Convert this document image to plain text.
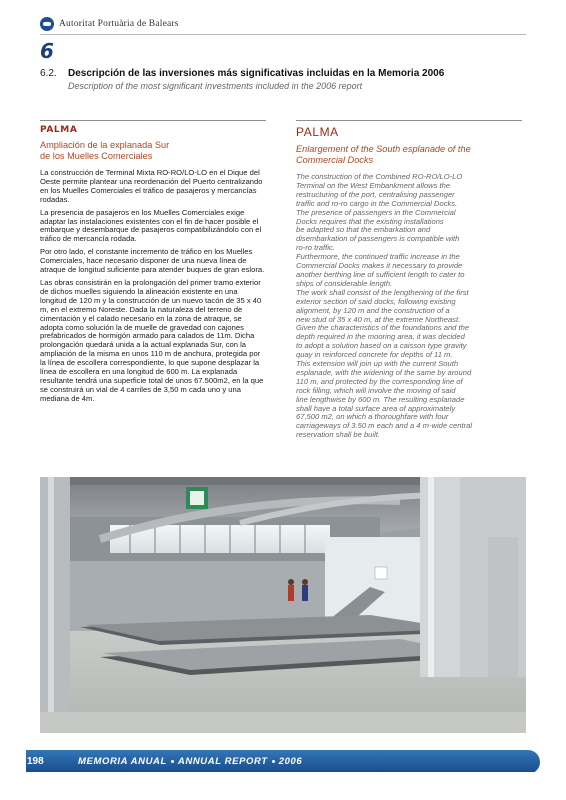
Autoritat Portuària de Balears
6
6.2. Descripción de las inversiones más significativas incluidas en la Memoria 2006
Description of the most significant investments included in the 2006 report
PALMA
Ampliación de la explanada Sur
de los Muelles Comerciales

La construcción de Terminal Mixta RO-RO/LO-LO en el Dique del Oeste permite plantear una reordenación del Puerto centralizando en los Muelles Comerciales el tráfico de pasajeros y mercancías rodadas.

La presencia de pasajeros en los Muelles Comerciales exige adaptar las instalaciones existentes con el fin de hacer posible el embarque y desembarque de pasajeros compatibilizándolo con el tráfico de mercancía rodada.

Por otro lado, el constante incremento de tráfico en los Muelles Comerciales, hace necesario disponer de una nueva línea de atraque de longitud suficiente para atender buques de gran eslora.

Las obras consistirán en la prolongación del primer tramo exterior de dichos muelles siguiendo la alineación existente en una longitud de 120 m y la construcción de un nuevo tacón de 35 x 40 m, en el extremo Noreste. Dada la naturaleza del terreno de cimentación y el calado necesario en la zona de atraque, se adopta como solución la de muelle de gravedad con cajones prefabricados de hormigón armado para calados de 11m. Dicha prolongación quedará unida a la actual explanada Sur, con la ampliación de la misma en unos 110 m de anchura, protegida por la línea de escollera correspondiente, lo que supone desplazar la línea de escollera en una longitud de 600 m. La explanada resultante tendrá una superficie total de unos 67.500m2, en la que se construirá un vial de 4 carriles de 3,50 m cada uno y una mediana de 4m.

PALMA
Enlargement of the South esplanade of the
Commercial Docks

The construction of the Combined RO-RO/LO-LO

Terminal on the West Embankment allows the

restructuring of the port, centralising passenger

traffic and ro-ro cargo in the Commercial Docks.

The presence of passengers in the Commercial

Docks requires that the existing installations

be adapted so that the embarkation and

disembarkation of passengers is compatible with

ro-ro traffic.

Furthermore, the continued traffic increase in the

Commercial Docks makes it necessary to provide

another berthing line of sufficient length to cater to

ships of considerable length.

The work shall consist of the lengthening of the first

exterior section of said docks, following existing

alignment, by 120 m and the construction of a

new stud of 35 x 40 m, at the extreme Northeast.

Given the characteristics of the foundations and the

depth required in the mooring area, it was decided

to adopt a solution based on a caisson type gravity

quay in reinforced concrete for depths of 11 m.

This extension will join up with the current South

esplanade, with the widening of the same by around

110 m, and protected by the corresponding line of

rock filling, which will involve the moving of said

line lengthwise by 600 m. The resulting esplanade

shall have a total surface area of approximately

67,500 m2, on which a thoroughfare with four

carriageways of 3.50 m each and a 4 m-wide central

reservation shall be built.

198	MEMORIA ANUAL ANNUAL REPORT 2006
